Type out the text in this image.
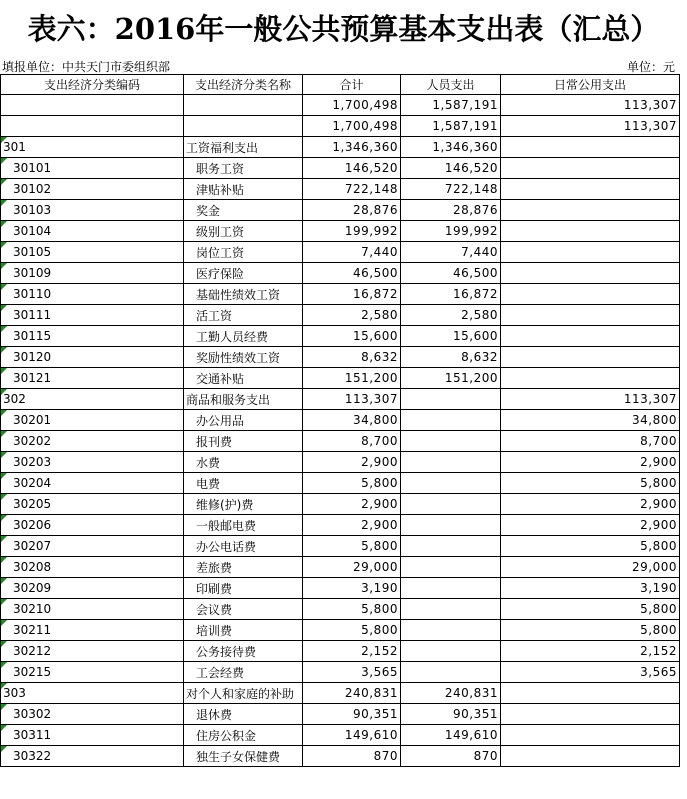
表六：2016年一般公共预算基本支出表（汇总）
填报单位：中共天门市委组织部	单位：元
支出经济分类编码	支出经济分类名称	合计	人员支出	日常公用支出
		1,700,498	1,587,191	113,307
		1,700,498	1,587,191	113,307

301	工资福利支出	1,346,360	1,346,360	

30101	职务工资	146,520	146,520	

30102	津贴补贴	722,148	722,148	

30103	奖金	28,876	28,876	

30104	级别工资	199,992	199,992	

30105	岗位工资	7,440	7,440	

30109	医疗保险	46,500	46,500	

30110	基础性绩效工资	16,872	16,872	

30111	活工资	2,580	2,580	

30115	工勤人员经费	15,600	15,600	

30120	奖励性绩效工资	8,632	8,632	

30121	交通补贴	151,200	151,200	

302	商品和服务支出	113,307		113,307

30201	办公用品	34,800		34,800

30202	报刊费	8,700		8,700

30203	水费	2,900		2,900

30204	电费	5,800		5,800

30205	维修(护)费	2,900		2,900

30206	一般邮电费	2,900		2,900

30207	办公电话费	5,800		5,800

30208	差旅费	29,000		29,000

30209	印刷费	3,190		3,190

30210	会议费	5,800		5,800

30211	培训费	5,800		5,800

30212	公务接待费	2,152		2,152

30215	工会经费	3,565		3,565

303	对个人和家庭的补助	240,831	240,831	

30302	退休费	90,351	90,351	

30311	住房公积金	149,610	149,610	

30322	独生子女保健费	870	870	
